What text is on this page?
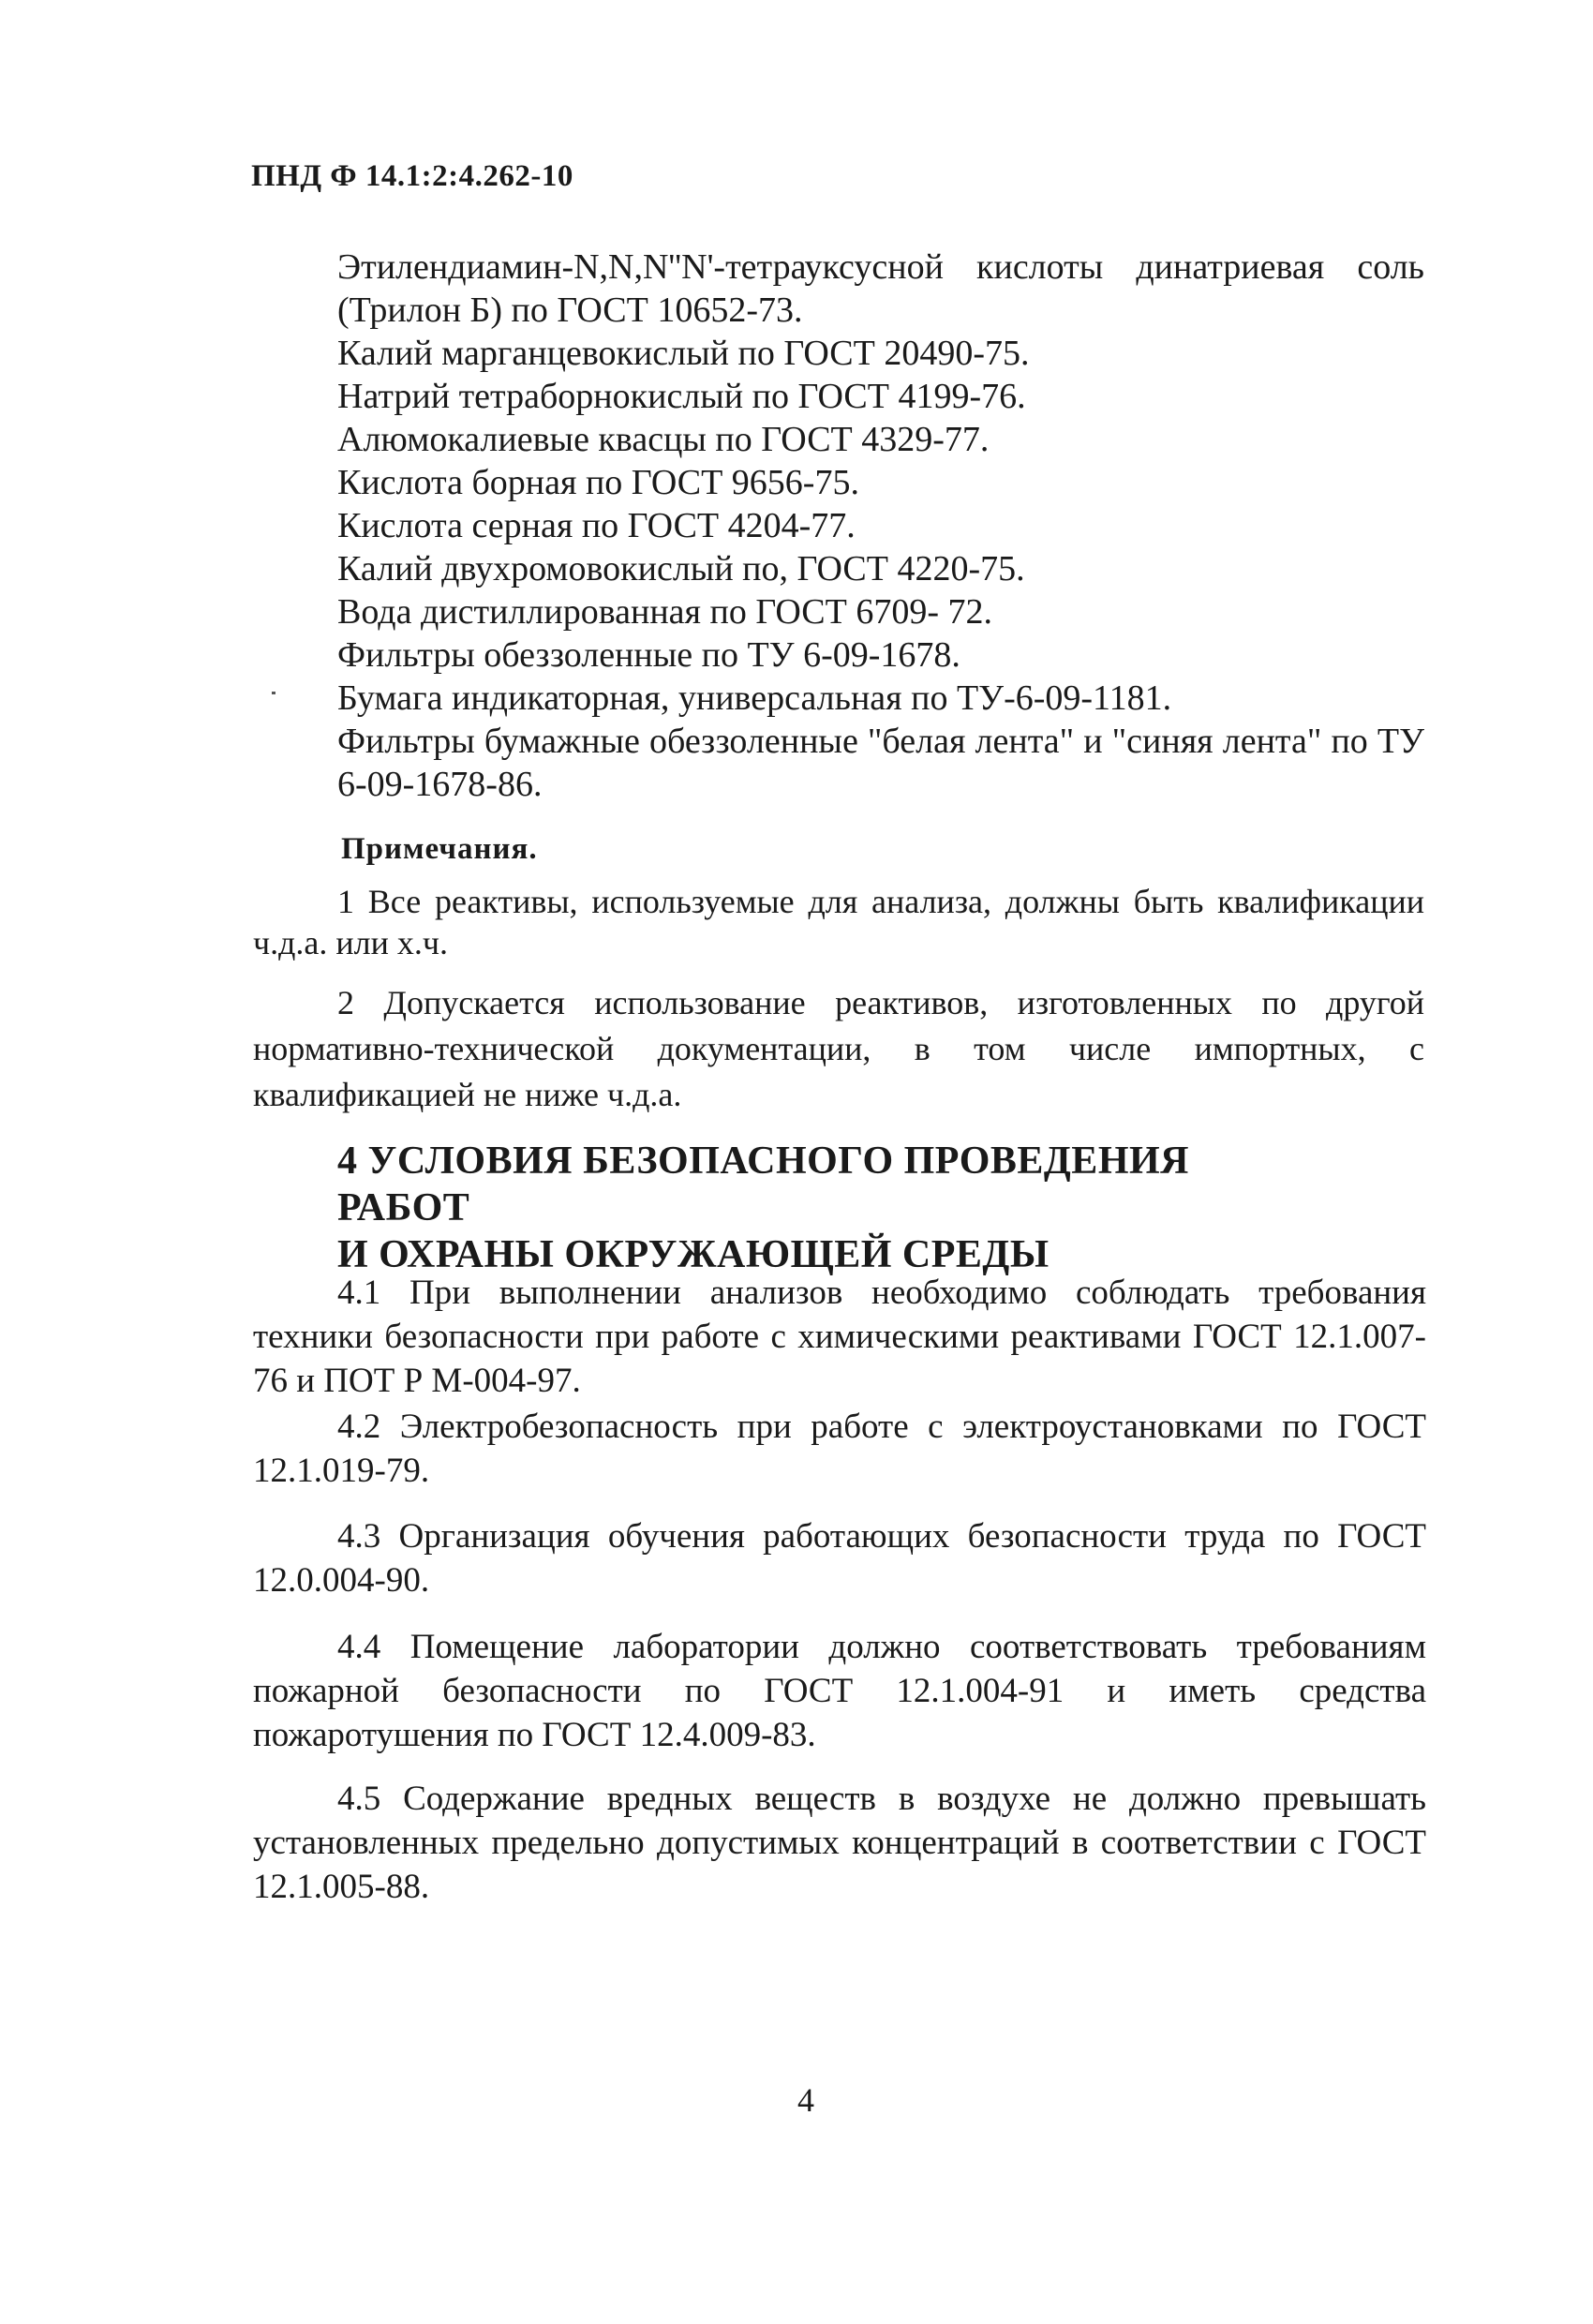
ПНД Ф 14.1:2:4.262-10

Этилендиамин-N,N,N''N'-тетрауксусной кислоты динатриевая соль (Трилон Б) по ГОСТ 10652-73.

Калий марганцевокислый по ГОСТ 20490-75.

Натрий тетраборнокислый по ГОСТ 4199-76.

Алюмокалиевые квасцы по ГОСТ 4329-77.

Кислота борная по ГОСТ 9656-75.

Кислота серная по ГОСТ 4204-77.

Калий двухромовокислый по, ГОСТ 4220-75.

Вода дистиллированная по ГОСТ 6709- 72.

Фильтры обеззоленные по ТУ 6-09-1678.

Бумага индикаторная, универсальная по ТУ-6-09-1181.

Фильтры бумажные обеззоленные "белая лента" и "синяя лента" по ТУ 6-09-1678-86.

Примечания.
1 Все реактивы, используемые для анализа, должны быть квалификации ч.д.а. или х.ч.
2 Допускается использование реактивов, изготовленных по другой нормативно-технической документации, в том числе импортных, с квалификацией не ниже ч.д.а.
4 УСЛОВИЯ БЕЗОПАСНОГО ПРОВЕДЕНИЯ РАБОТ
И ОХРАНЫ ОКРУЖАЮЩЕЙ СРЕДЫ
4.1 При выполнении анализов необходимо соблюдать требования техники безопасности при работе с химическими реактивами ГОСТ 12.1.007-76 и ПОТ Р М-004-97.
4.2 Электробезопасность при работе с электроустановками по ГОСТ 12.1.019-79.
4.3 Организация обучения работающих безопасности труда по ГОСТ 12.0.004-90.
4.4 Помещение лаборатории должно соответствовать требованиям пожарной безопасности по ГОСТ 12.1.004-91 и иметь средства пожаротушения по ГОСТ 12.4.009-83.
4.5 Содержание вредных веществ в воздухе не должно превышать установленных предельно допустимых концентраций в соответствии с ГОСТ 12.1.005-88.
4
